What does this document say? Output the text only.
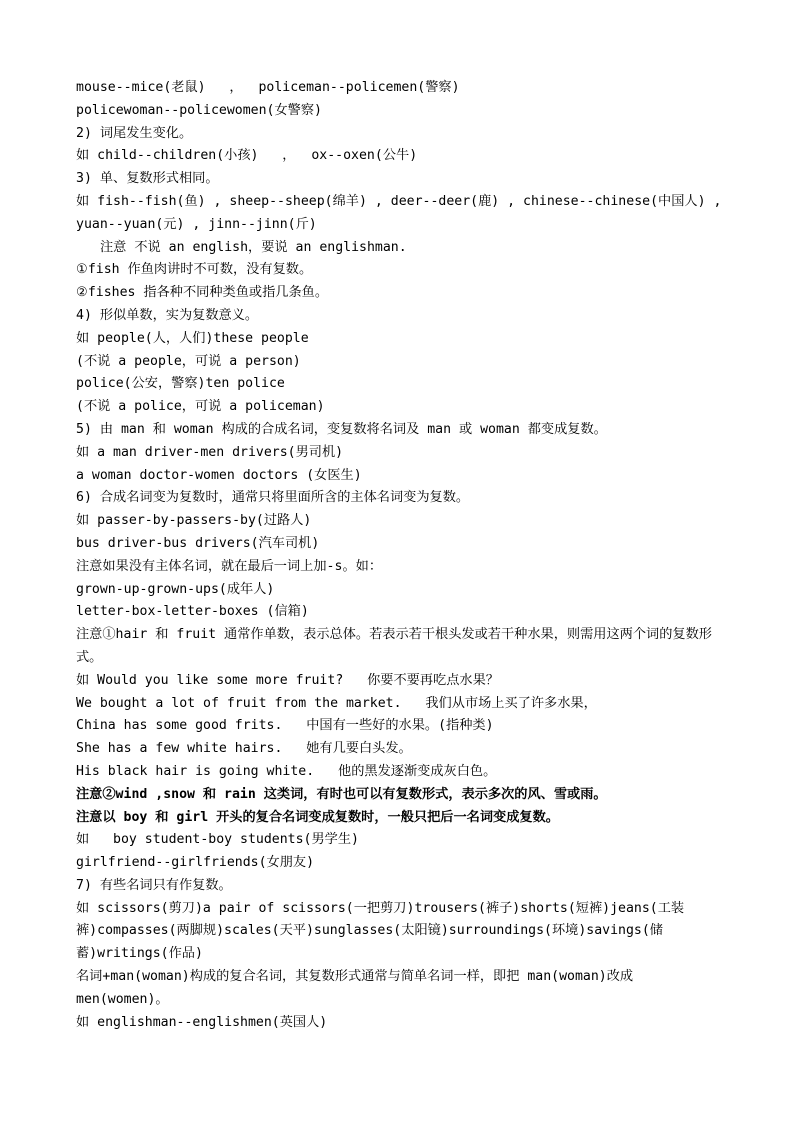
mouse--mice(老鼠)   ，  policeman--policemen(警察)

policewoman--policewomen(女警察)

2) 词尾发生变化。

如 child--children(小孩)   ，  ox--oxen(公牛)

3) 单、复数形式相同。

如 fish--fish(鱼) , sheep--sheep(绵羊) , deer--deer(鹿) , chinese--chinese(中国人) , yuan--yuan(元) , jinn--jinn(斤)

注意 不说 an english，要说 an englishman.

①fish 作鱼肉讲时不可数，没有复数。

②fishes 指各种不同种类鱼或指几条鱼。

4) 形似单数，实为复数意义。

如 people(人，人们)these people

(不说 a people，可说 a person)

police(公安，警察)ten police

(不说 a police，可说 a policeman)

5) 由 man 和 woman 构成的合成名词，变复数将名词及 man 或 woman 都变成复数。

如 a man driver-men drivers(男司机)

a woman doctor-women doctors (女医生)

6) 合成名词变为复数时，通常只将里面所含的主体名词变为复数。

如 passer-by-passers-by(过路人)

bus driver-bus drivers(汽车司机)

注意如果没有主体名词，就在最后一词上加-s。如：

grown-up-grown-ups(成年人)

letter-box-letter-boxes (信箱)

注意①hair 和 fruit 通常作单数，表示总体。若表示若干根头发或若干种水果，则需用这两个词的复数形式。

如 Would you like some more fruit?   你要不要再吃点水果？

We bought a lot of fruit from the market.   我们从市场上买了许多水果，

China has some good frits.   中国有一些好的水果。(指种类)

She has a few white hairs.   她有几要白头发。

His black hair is going white.   他的黑发逐渐变成灰白色。

注意②wind ,snow 和 rain 这类词，有时也可以有复数形式，表示多次的风、雪或雨。

注意以 boy 和 girl 开头的复合名词变成复数时，一般只把后一名词变成复数。

如   boy student-boy students(男学生)

girlfriend--girlfriends(女朋友)

7) 有些名词只有作复数。

如 scissors(剪刀)a pair of scissors(一把剪刀)trousers(裤子)shorts(短裤)jeans(工装裤)compasses(两脚规)scales(天平)sunglasses(太阳镜)surroundings(环境)savings(储蓄)writings(作品)

名词+man(woman)构成的复合名词，其复数形式通常与简单名词一样，即把 man(woman)改成 men(women)。

如 englishman--englishmen(英国人)
